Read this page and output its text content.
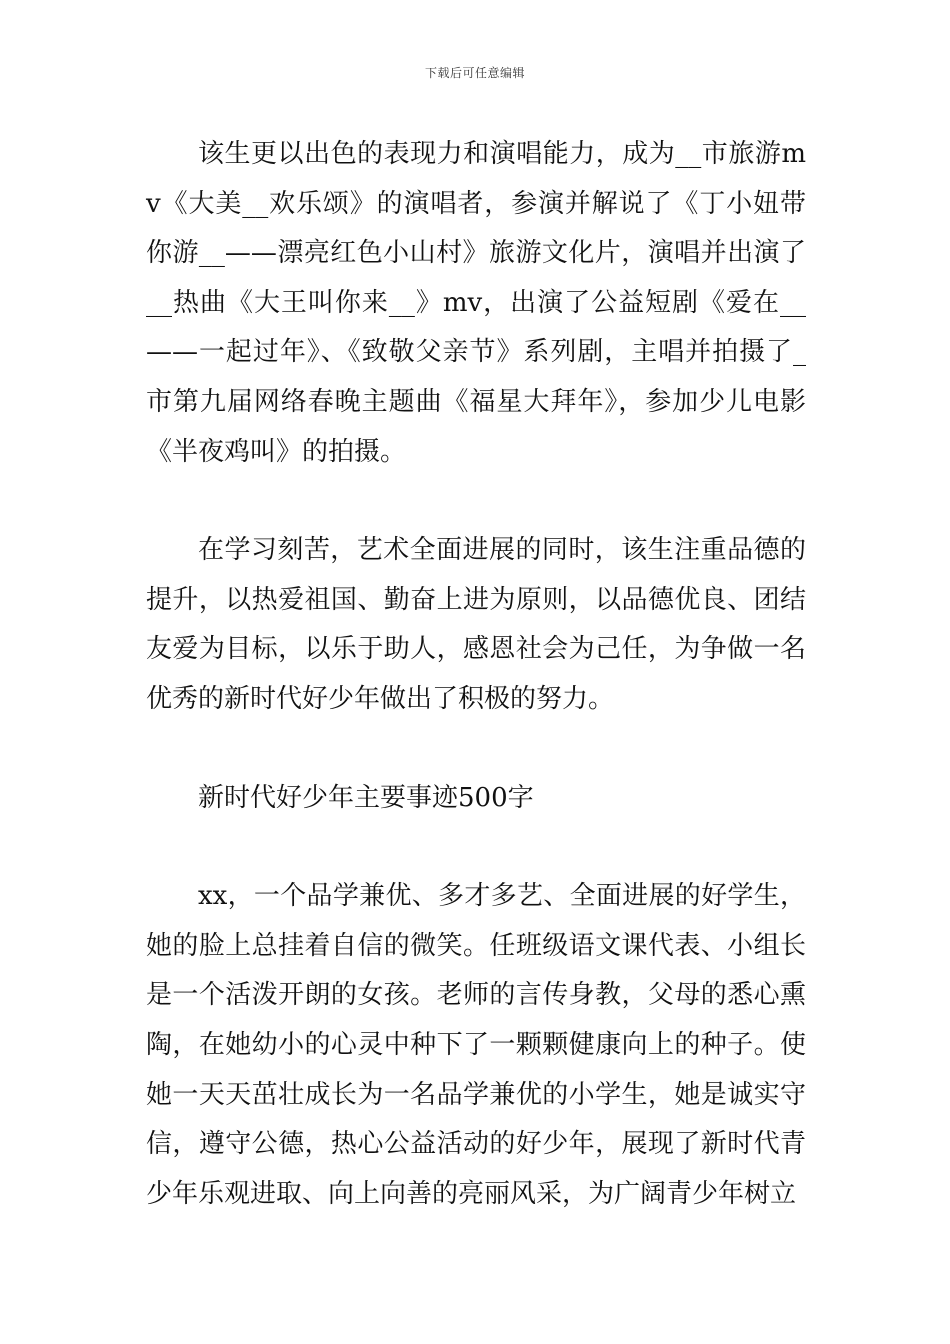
下载后可任意编辑

该生更以出色的表现力和演唱能力，成为__市旅游mv《大美__欢乐颂》的演唱者，参演并解说了《丁小妞带你游__——漂亮红色小山村》旅游文化片，演唱并出演了__热曲《大王叫你来__》mv，出演了公益短剧《爱在__——一起过年》、《致敬父亲节》系列剧，主唱并拍摄了_市第九届网络春晚主题曲《福星大拜年》，参加少儿电影《半夜鸡叫》的拍摄。

在学习刻苦，艺术全面进展的同时，该生注重品德的提升，以热爱祖国、勤奋上进为原则，以品德优良、团结友爱为目标，以乐于助人，感恩社会为己任，为争做一名优秀的新时代好少年做出了积极的努力。

新时代好少年主要事迹500字

xx，一个品学兼优、多才多艺、全面进展的好学生，她的脸上总挂着自信的微笑。任班级语文课代表、小组长是一个活泼开朗的女孩。老师的言传身教，父母的悉心熏陶，在她幼小的心灵中种下了一颗颗健康向上的种子。使她一天天茁壮成长为一名品学兼优的小学生，她是诚实守信，遵守公德，热心公益活动的好少年，展现了新时代青少年乐观进取、向上向善的亮丽风采，为广阔青少年树立
